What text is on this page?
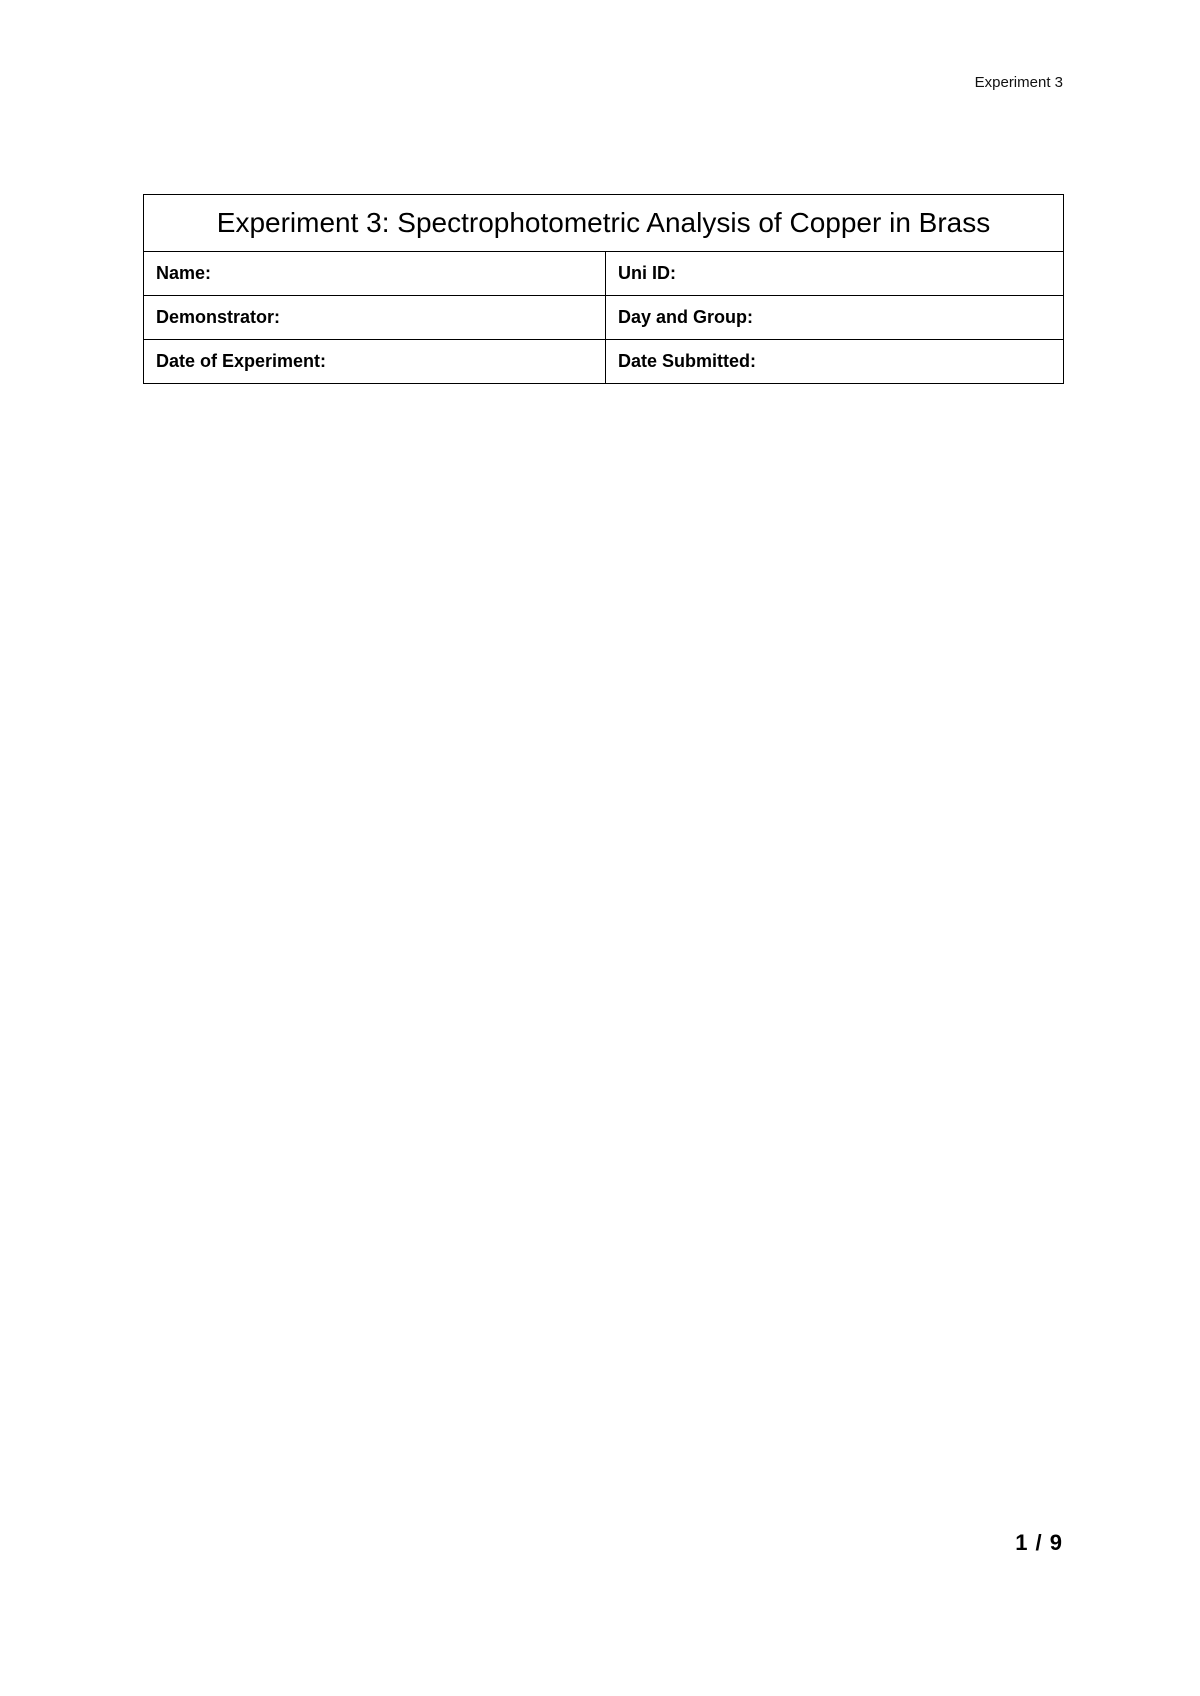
Experiment 3
Experiment 3: Spectrophotometric Analysis of Copper in Brass	
Name:	Uni ID:
Demonstrator:	Day and Group:
Date of Experiment:	Date Submitted:
1 / 9
